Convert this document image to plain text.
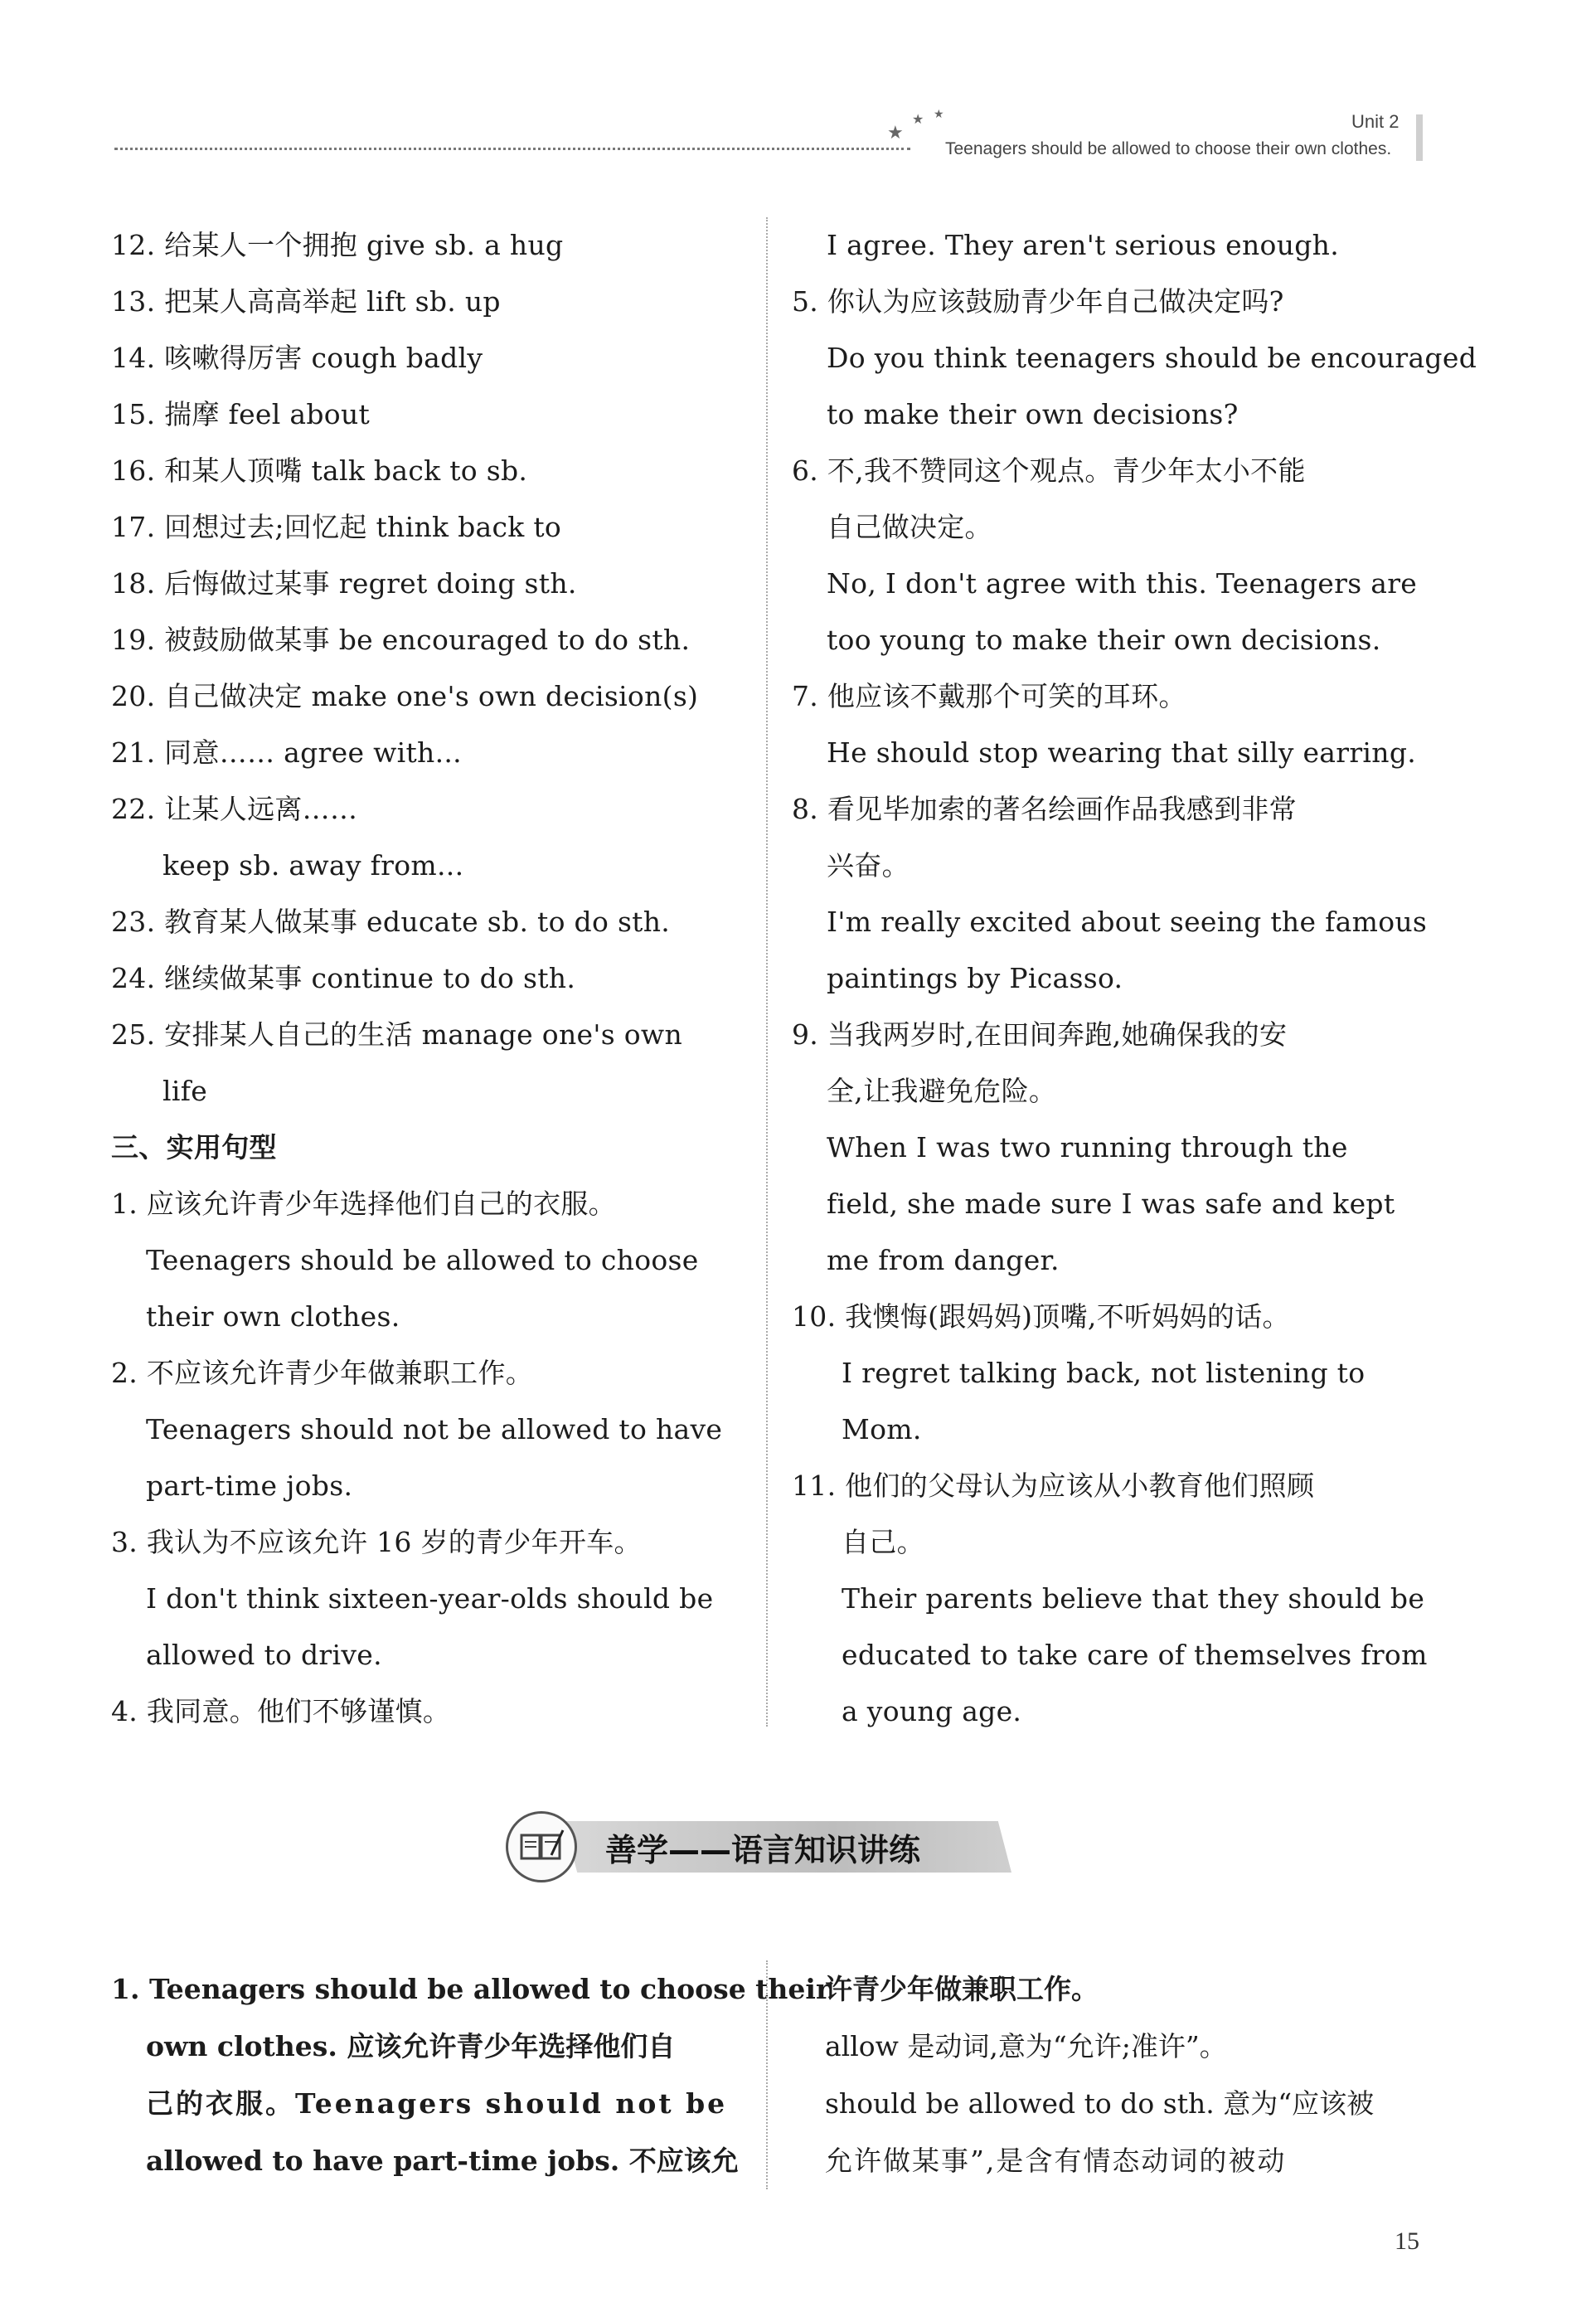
★
★ ★	Unit 2
Teenagers should be allowed to choose their own clothes.
12. 给某人一个拥抱 give sb. a hug
13. 把某人高高举起 lift sb. up
14. 咳嗽得厉害 cough badly
15. 揣摩 feel about
16. 和某人顶嘴 talk back to sb.
17. 回想过去;回忆起 think back to
18. 后悔做过某事 regret doing sth.
19. 被鼓励做某事 be encouraged to do sth.
20. 自己做决定 make one's own decision(s)
21. 同意…… agree with...
22. 让某人远离……
keep sb. away from...
23. 教育某人做某事 educate sb. to do sth.
24. 继续做某事 continue to do sth.
25. 安排某人自己的生活 manage one's own
life
三、实用句型
1. 应该允许青少年选择他们自己的衣服。
Teenagers should be allowed to choose
their own clothes.
2. 不应该允许青少年做兼职工作。
Teenagers should not be allowed to have
part-time jobs.
3. 我认为不应该允许 16 岁的青少年开车。
I don't think sixteen-year-olds should be
allowed to drive.
4. 我同意。他们不够谨慎。
I agree. They aren't serious enough.
5. 你认为应该鼓励青少年自己做决定吗?
Do you think teenagers should be encouraged
to make their own decisions?
6. 不,我不赞同这个观点。青少年太小不能
自己做决定。
No, I don't agree with this. Teenagers are
too young to make their own decisions.
7. 他应该不戴那个可笑的耳环。
He should stop wearing that silly earring.
8. 看见毕加索的著名绘画作品我感到非常
兴奋。
I'm really excited about seeing the famous
paintings by Picasso.
9. 当我两岁时,在田间奔跑,她确保我的安
全,让我避免危险。
When I was two running through the
field, she made sure I was safe and kept
me from danger.
10. 我懊悔(跟妈妈)顶嘴,不听妈妈的话。
I regret talking back, not listening to
Mom.
11. 他们的父母认为应该从小教育他们照顾
自己。
Their parents believe that they should be
educated to take care of themselves from
a young age.
善学——语言知识讲练
1. Teenagers should be allowed to choose their
own clothes. 应该允许青少年选择他们自
己的衣服。Teenagers should not be
allowed to have part-time jobs. 不应该允
许青少年做兼职工作。
allow 是动词,意为“允许;准许”。
should be allowed to do sth. 意为“应该被
允许做某事”,是含有情态动词的被动
15
